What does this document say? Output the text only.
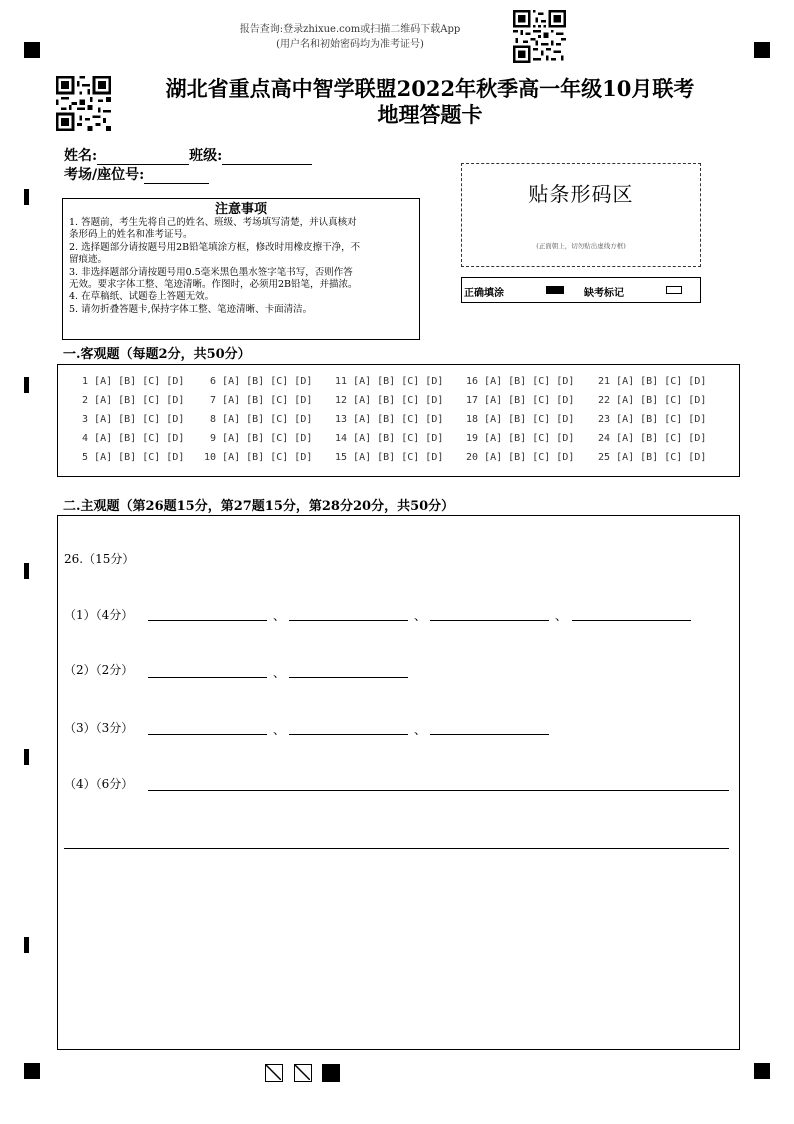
报告查询:登录zhixue.com或扫描二维码下载App
(用户名和初始密码均为准考证号)
湖北省重点高中智学联盟2022年秋季高一年级10月联考
地理答题卡
姓名:	班级:
考场/座位号:
注意事项
1. 答题前，考生先将自己的姓名、班级、考场填写清楚，并认真核对
条形码上的姓名和准考证号。
2. 选择题部分请按题号用2B铅笔填涂方框，修改时用橡皮擦干净，不
留痕迹。
3. 非选择题部分请按题号用0.5毫米黑色墨水签字笔书写，否则作答
无效。要求字体工整、笔迹清晰。作图时，必须用2B铅笔，并描浓。
4. 在草稿纸、试题卷上答题无效。
5. 请勿折叠答题卡,保持字体工整、笔迹清晰、卡面清洁。
贴条形码区
(正面朝上，切勿贴出虚线方框)
正确填涂	缺考标记
一.客观题（每题2分，共50分）
1 [A] [B] [C] [D] 6 [A] [B] [C] [D] 11 [A] [B] [C] [D] 16 [A] [B] [C] [D] 21 [A] [B] [C] [D]
2 [A] [B] [C] [D] 7 [A] [B] [C] [D] 12 [A] [B] [C] [D] 17 [A] [B] [C] [D] 22 [A] [B] [C] [D]
3 [A] [B] [C] [D] 8 [A] [B] [C] [D] 13 [A] [B] [C] [D] 18 [A] [B] [C] [D] 23 [A] [B] [C] [D]
4 [A] [B] [C] [D] 9 [A] [B] [C] [D] 14 [A] [B] [C] [D] 19 [A] [B] [C] [D] 24 [A] [B] [C] [D]
5 [A] [B] [C] [D] 10 [A] [B] [C] [D] 15 [A] [B] [C] [D] 20 [A] [B] [C] [D] 25 [A] [B] [C] [D]
二.主观题（第26题15分，第27题15分，第28分20分，共50分）
26.（15分）
（1）（4分）	、	、	、
（2）（2分）	、
（3）（3分）	、	、
（4）（6分）
